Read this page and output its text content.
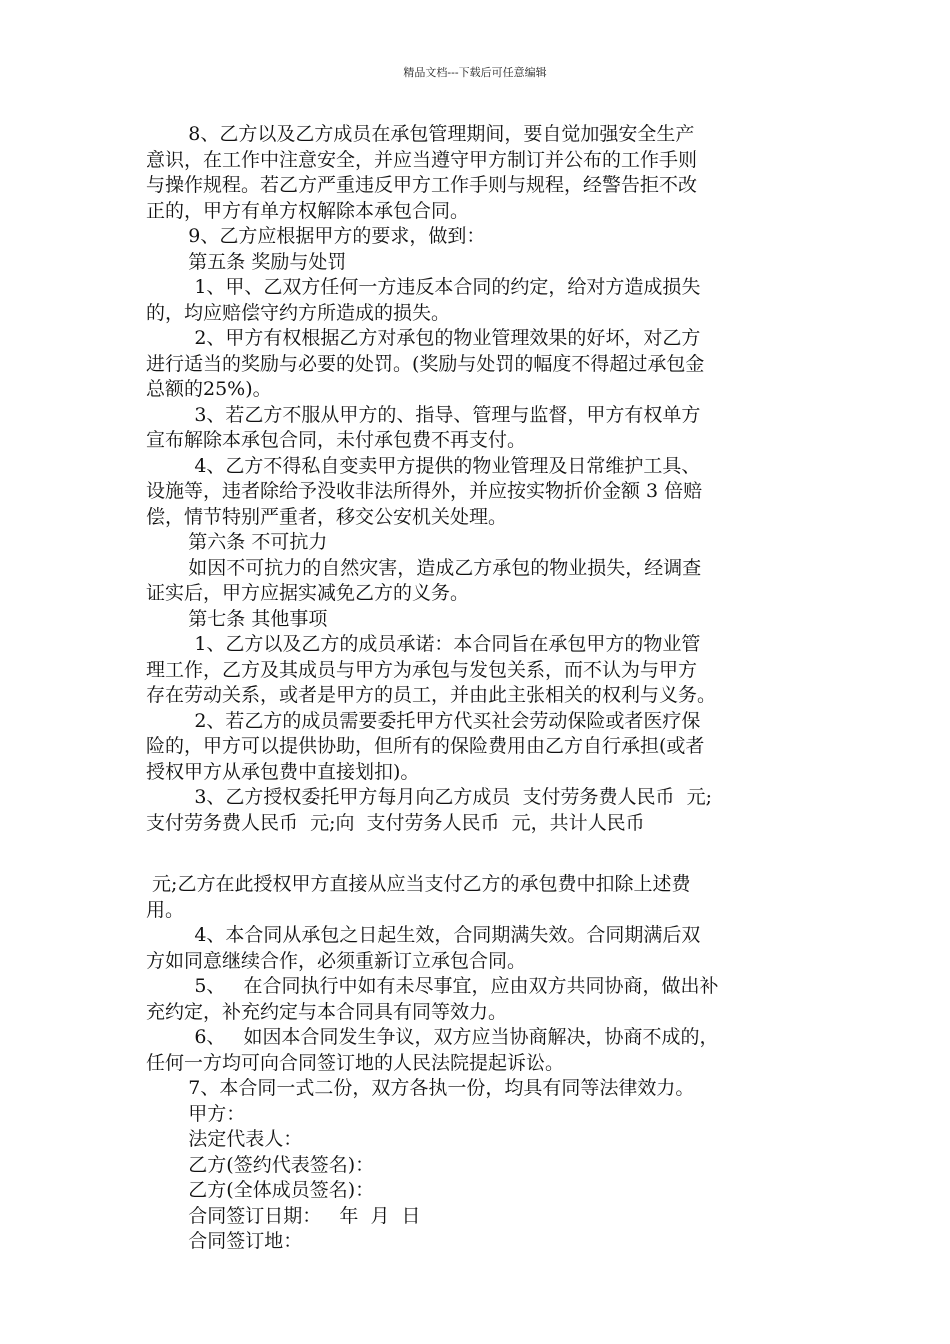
精品文档---下载后可任意编辑
8、乙方以及乙方成员在承包管理期间，要自觉加强安全生产
意识，在工作中注意安全，并应当遵守甲方制订并公布的工作手则
与操作规程。若乙方严重违反甲方工作手则与规程，经警告拒不改
正的，甲方有单方权解除本承包合同。
9、乙方应根据甲方的要求，做到：
第五条 奖励与处罚
1、甲、乙双方任何一方违反本合同的约定，给对方造成损失
的，均应赔偿守约方所造成的损失。
2、甲方有权根据乙方对承包的物业管理效果的好坏，对乙方
进行适当的奖励与必要的处罚。(奖励与处罚的幅度不得超过承包金
总额的25%)。
3、若乙方不服从甲方的、指导、管理与监督，甲方有权单方
宣布解除本承包合同，未付承包费不再支付。
4、乙方不得私自变卖甲方提供的物业管理及日常维护工具、
设施等，违者除给予没收非法所得外，并应按实物折价金额 3 倍赔
偿，情节特别严重者，移交公安机关处理。
第六条 不可抗力
如因不可抗力的自然灾害，造成乙方承包的物业损失，经调查
证实后，甲方应据实减免乙方的义务。
第七条 其他事项
1、乙方以及乙方的成员承诺：本合同旨在承包甲方的物业管
理工作，乙方及其成员与甲方为承包与发包关系，而不认为与甲方
存在劳动关系，或者是甲方的员工，并由此主张相关的权利与义务。
2、若乙方的成员需要委托甲方代买社会劳动保险或者医疗保
险的，甲方可以提供协助，但所有的保险费用由乙方自行承担(或者
授权甲方从承包费中直接划扣)。
3、乙方授权委托甲方每月向乙方成员  支付劳务费人民币  元;
支付劳务费人民币  元;向  支付劳务人民币  元，共计人民币
元;乙方在此授权甲方直接从应当支付乙方的承包费中扣除上述费
用。
4、本合同从承包之日起生效，合同期满失效。合同期满后双
方如同意继续合作，必须重新订立承包合同。
5、   在合同执行中如有未尽事宜，应由双方共同协商，做出补
充约定，补充约定与本合同具有同等效力。
6、   如因本合同发生争议，双方应当协商解决，协商不成的，
任何一方均可向合同签订地的人民法院提起诉讼。
7、本合同一式二份，双方各执一份，均具有同等法律效力。
甲方：
法定代表人：
乙方(签约代表签名)：
乙方(全体成员签名)：
合同签订日期：   年  月  日
合同签订地：
